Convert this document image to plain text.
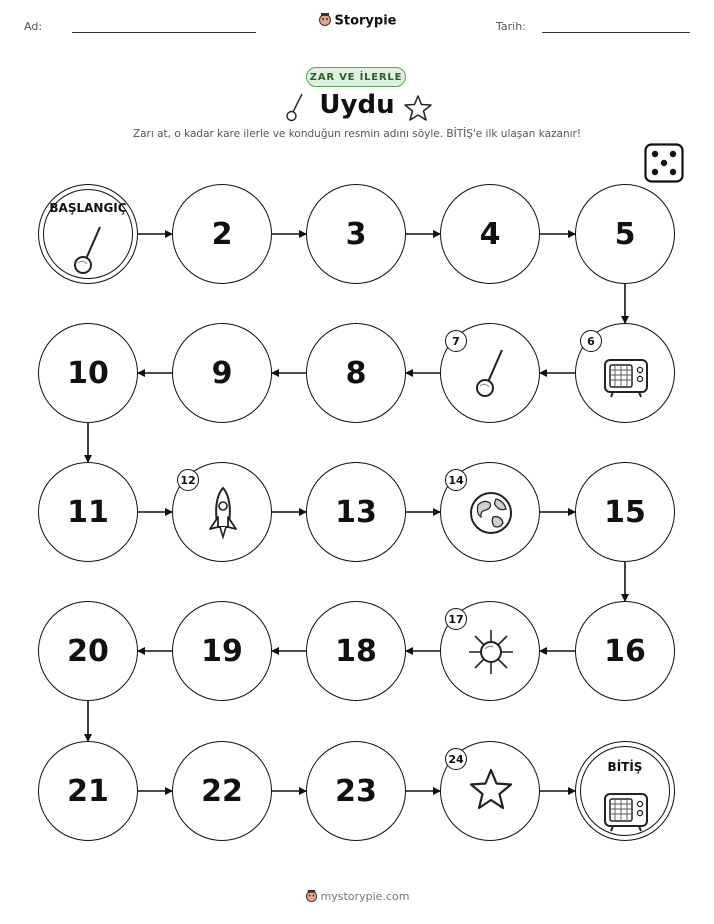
Ad:	Storypie	Tarih:
ZAR VE İLERLE
Uydu
Zarı at, o kadar kare ilerle ve konduğun resmin adını söyle. BİTİŞ'e ilk ulaşan kazanır!
BAŞLANGIÇ
2	3	4	5
6
7
8
9
10
11
12
13
14
15
16
17
18
19
20
21	22	23
24
BİTİŞ
mystorypie.com
